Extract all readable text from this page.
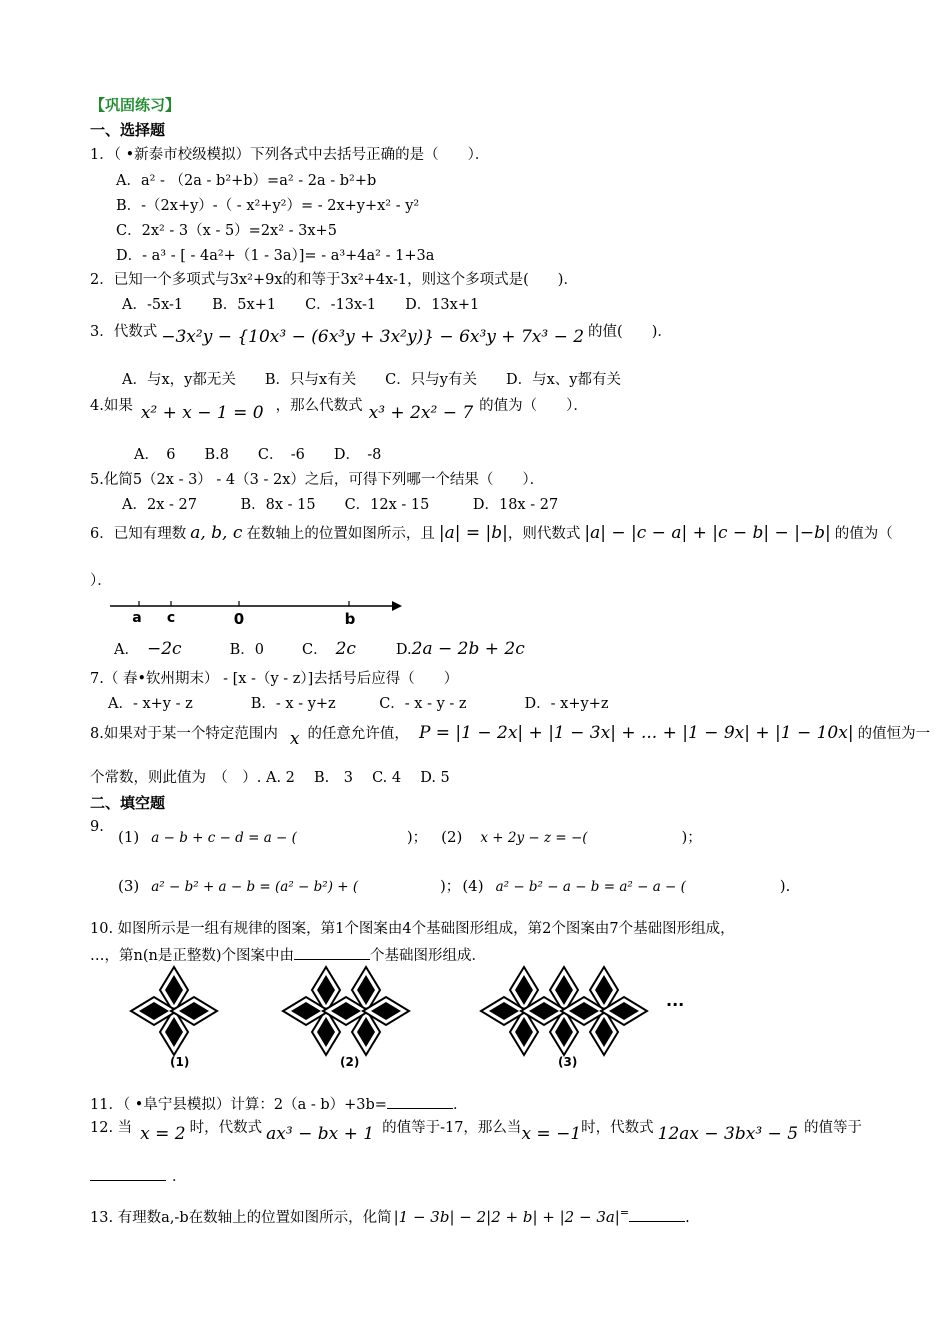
【巩固练习】
一、选择题
1．（ •新泰市校级模拟）下列各式中去括号正确的是（　　）．
A．a² - （2a - b²+b）=a² - 2a - b²+b
B．-（2x+y）-（ - x²+y²）= - 2x+y+x² - y²
C．2x² - 3（x - 5）=2x² - 3x+5
D．- a³ - [ - 4a²+（1 - 3a）]= - a³+4a² - 1+3a
2．已知一个多项式与3x²+9x的和等于3x²+4x-1，则这个多项式是(　　)．
A．-5x-1　　B．5x+1　　C．-13x-1　　D．13x+1
3．代数式 −3x²y − {10x³ − (6x³y + 3x²y)} − 6x³y + 7x³ − 2 的值(　　)．
A．与x，y都无关　　B．只与x有关　　C．只与y有关　　D．与x、y都有关
4.如果 x² + x − 1 = 0 ，那么代数式 x³ + 2x² − 7 的值为（　　）．
A．　6　　B.8　　C．　-6　　D．　-8
5.化简5（2x - 3） - 4（3 - 2x）之后，可得下列哪一个结果（　　）．
A．2x - 27　　　B．8x - 15　　C．12x - 15　　　D．18x - 27
6．已知有理数 a, b, c 在数轴上的位置如图所示，且 |a| = |b|，则代数式 |a| − |c − a| + |c − b| − |−b| 的值为（
）．
a c	0	b
A． −2c	B．0	C． 2c	D.2a − 2b + 2c
7.（ 春•钦州期末） - [x -（y - z）]去括号后应得（　　）
A．- x+y - z　　　　B．- x - y+z　　　C．- x - y - z　　　　D．- x+y+z
8.如果对于某一个特定范围内 x 的任意允许值， P = |1 − 2x| + |1 − 3x| + ... + |1 − 9x| + |1 − 10x| 的值恒为一
个常数，则此值为　（　）. A. 2　 B.　3　 C. 4　 D. 5
二、填空题
9.
(1) a − b + c − d = a − (	)； (2) x + 2y − z = −(	)；
(3) a² − b² + a − b = (a² − b²) + (	)； (4) a² − b² − a − b = a² − a − (	).
10. 如图所示是一组有规律的图案，第1个图案由4个基础图形组成，第2个图案由7个基础图形组成，
…，第n(n是正整数)个图案中由	个基础图形组成．
(1)	(2)	(3)
···
11．（ •阜宁县模拟）计算：2（a - b）+3b=	．
12. 当 x = 2 时，代数式 ax³ − bx + 1 的值等于-17，那么当x = −1时，代数式 12ax − 3bx³ − 5 的值等于
．
13. 有理数a,-b在数轴上的位置如图所示，化简 |1 − 3b| − 2|2 + b| + |2 − 3a|=	.
